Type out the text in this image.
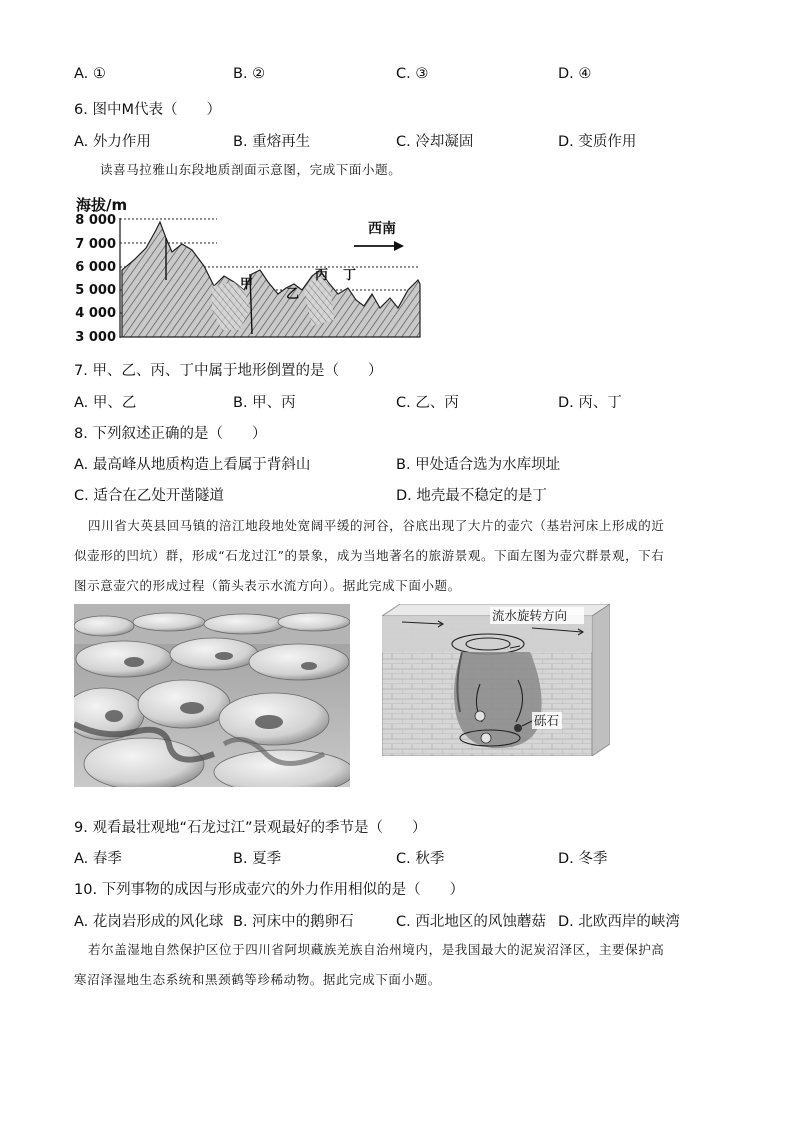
A. ①	B. ②	C. ③	D. ④
6. 图中M代表（　　）
A. 外力作用	B. 重熔再生	C. 冷却凝固	D. 变质作用
读喜马拉雅山东段地质剖面示意图，完成下面小题。
海拔/m
8 000
7 000
6 000
5 000
4 000
3 000
西南
甲
乙
丙 丁
7. 甲、乙、丙、丁中属于地形倒置的是（　　）
A. 甲、乙	B. 甲、丙	C. 乙、丙	D. 丙、丁
8. 下列叙述正确的是（　　）
A. 最高峰从地质构造上看属于背斜山	B. 甲处适合选为水库坝址
C. 适合在乙处开凿隧道	D. 地壳最不稳定的是丁
四川省大英县回马镇的涪江地段地处宽阔平缓的河谷，谷底出现了大片的壶穴（基岩河床上形成的近
似壶形的凹坑）群，形成“石龙过江”的景象，成为当地著名的旅游景观。下面左图为壶穴群景观，下右
图示意壶穴的形成过程（箭头表示水流方向）。据此完成下面小题。
流水旋转方向
砾石
9. 观看最壮观地“石龙过江”景观最好的季节是（　　）
A. 春季	B. 夏季	C. 秋季	D. 冬季
10. 下列事物的成因与形成壶穴的外力作用相似的是（　　）
A. 花岗岩形成的风化球 B. 河床中的鹅卵石	C. 西北地区的风蚀蘑菇 D. 北欧西岸的峡湾
若尔盖湿地自然保护区位于四川省阿坝藏族羌族自治州境内，是我国最大的泥炭沼泽区，主要保护高
寒沼泽湿地生态系统和黑颈鹤等珍稀动物。据此完成下面小题。
